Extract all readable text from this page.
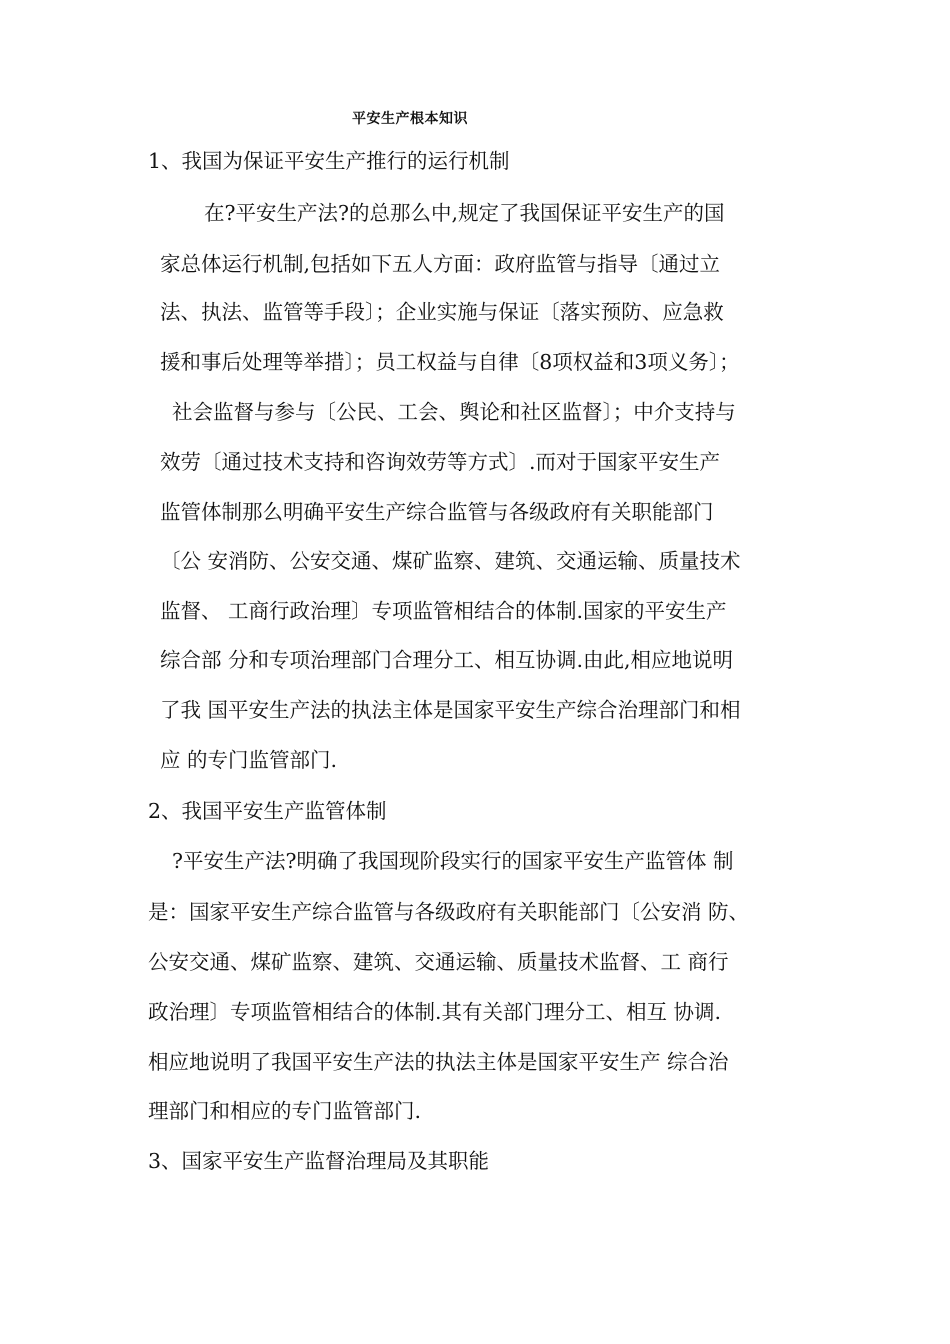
平安生产根本知识
1、我国为保证平安生产推行的运行机制
在?平安生产法?的总那么中,规定了我国保证平安生产的国
家总体运行机制,包括如下五人方面：政府监管与指导〔通过立
法、执法、监管等手段〕；企业实施与保证〔落实预防、应急救
援和事后处理等举措〕；员工权益与自律〔8项权益和3项义务〕；
社会监督与参与〔公民、工会、舆论和社区监督〕；中介支持与
效劳〔通过技术支持和咨询效劳等方式〕.而对于国家平安生产
监管体制那么明确平安生产综合监管与各级政府有关职能部门
〔公 安消防、公安交通、煤矿监察、建筑、交通运输、质量技术
监督、 工商行政治理〕专项监管相结合的体制.国家的平安生产
综合部 分和专项治理部门合理分工、相互协调.由此,相应地说明
了我 国平安生产法的执法主体是国家平安生产综合治理部门和相
应 的专门监管部门.
2、我国平安生产监管体制
?平安生产法?明确了我国现阶段实行的国家平安生产监管体 制
是：国家平安生产综合监管与各级政府有关职能部门〔公安消 防、
公安交通、煤矿监察、建筑、交通运输、质量技术监督、工 商行
政治理〕专项监管相结合的体制.其有关部门理分工、相互 协调.
相应地说明了我国平安生产法的执法主体是国家平安生产 综合治
理部门和相应的专门监管部门.
3、国家平安生产监督治理局及其职能
